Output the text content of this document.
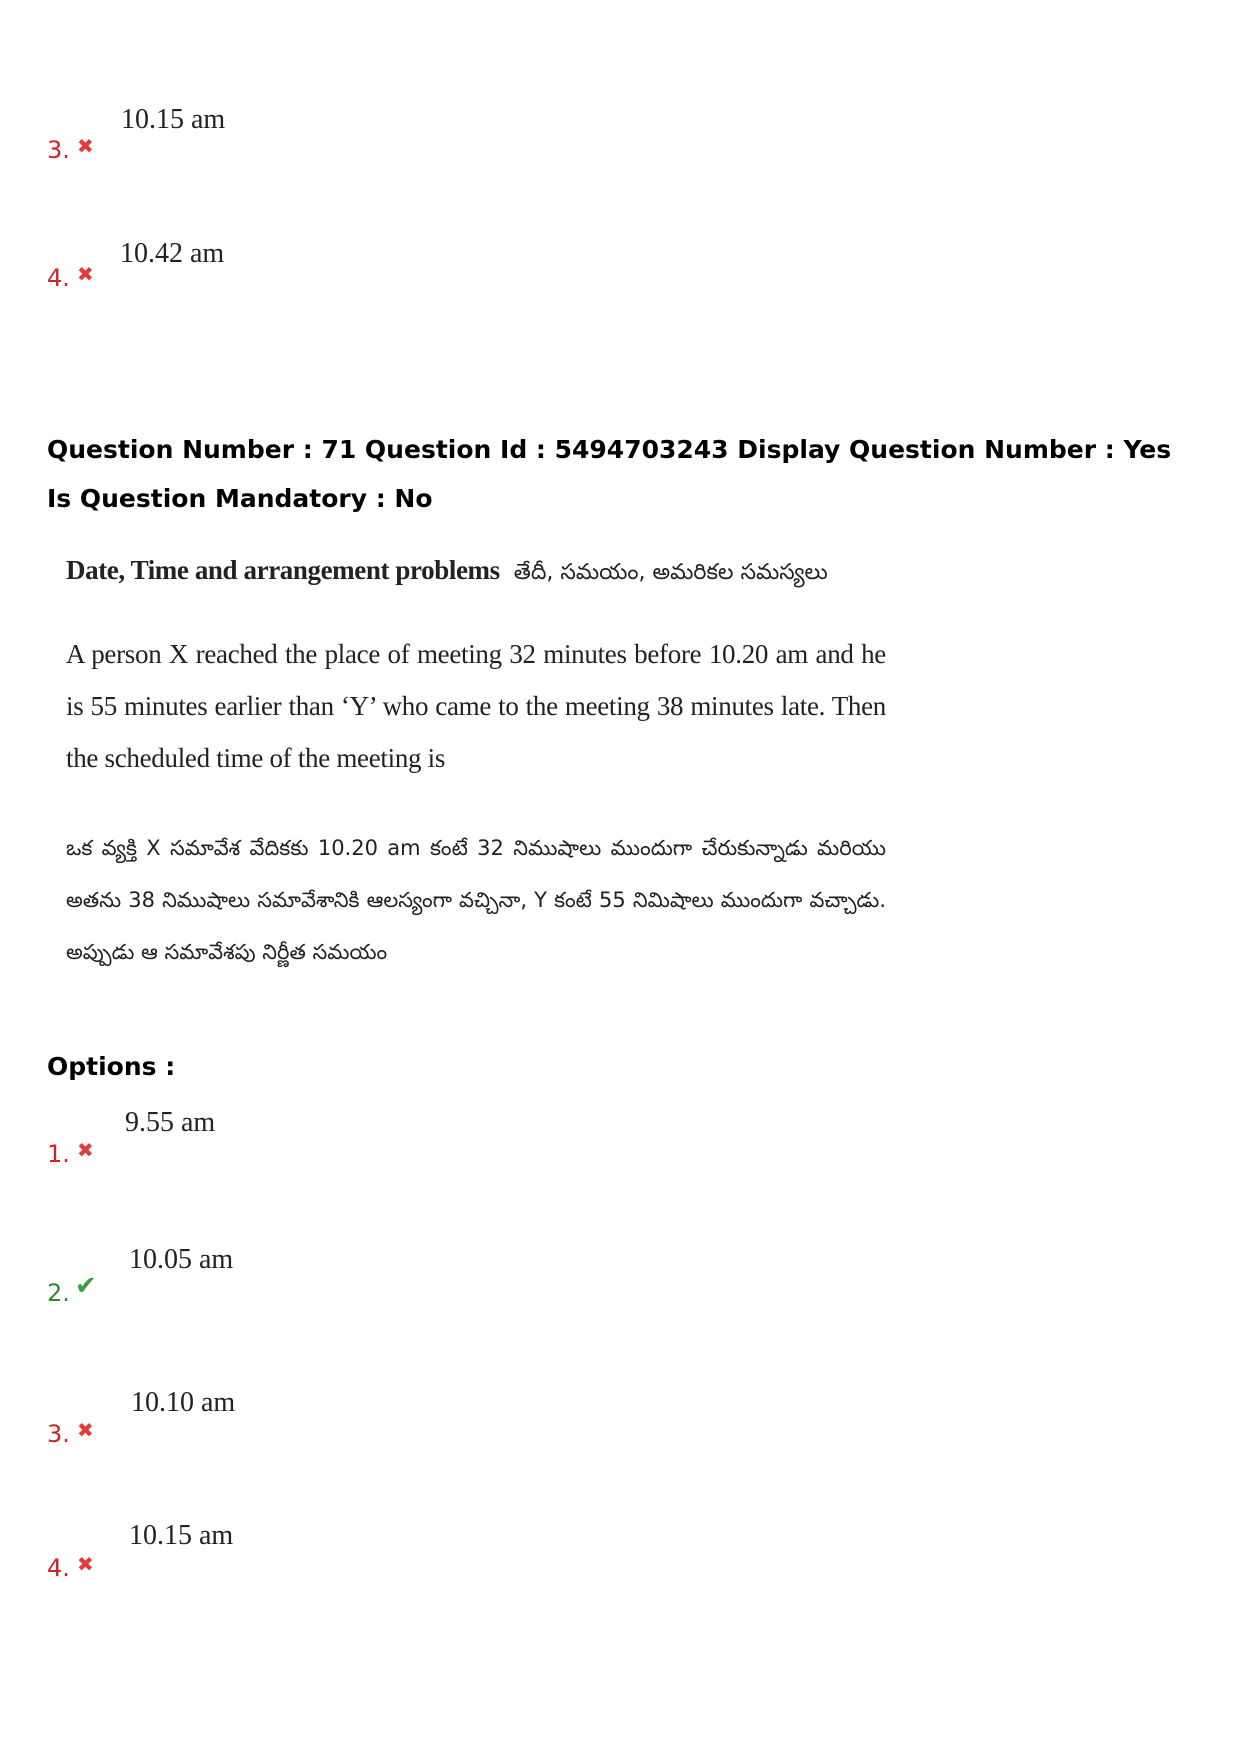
3. ✖
10.15 am
4. ✖
10.42 am
Question Number : 71 Question Id : 5494703243 Display Question Number : Yes Is Question Mandatory : No
Date, Time and arrangement problems తేదీ, సమయం, అమరికల సమస్యలు
A person X reached the place of meeting 32 minutes before 10.20 am and he is 55 minutes earlier than ‘Y’ who came to the meeting 38 minutes late. Then the scheduled time of the meeting is
ఒక వ్యక్తి X సమావేశ వేదికకు 10.20 am కంటే 32 నిముషాలు ముందుగా చేరుకున్నాడు మరియు అతను 38 నిముషాలు సమావేశానికి ఆలస్యంగా వచ్చినా, Y కంటే 55 నిమిషాలు ముందుగా వచ్చాడు. అప్పుడు ఆ సమావేశపు నిర్ణీత సమయం
Options :
1. ✖
9.55 am
2. ✔
10.05 am
3. ✖
10.10 am
4. ✖
10.15 am
